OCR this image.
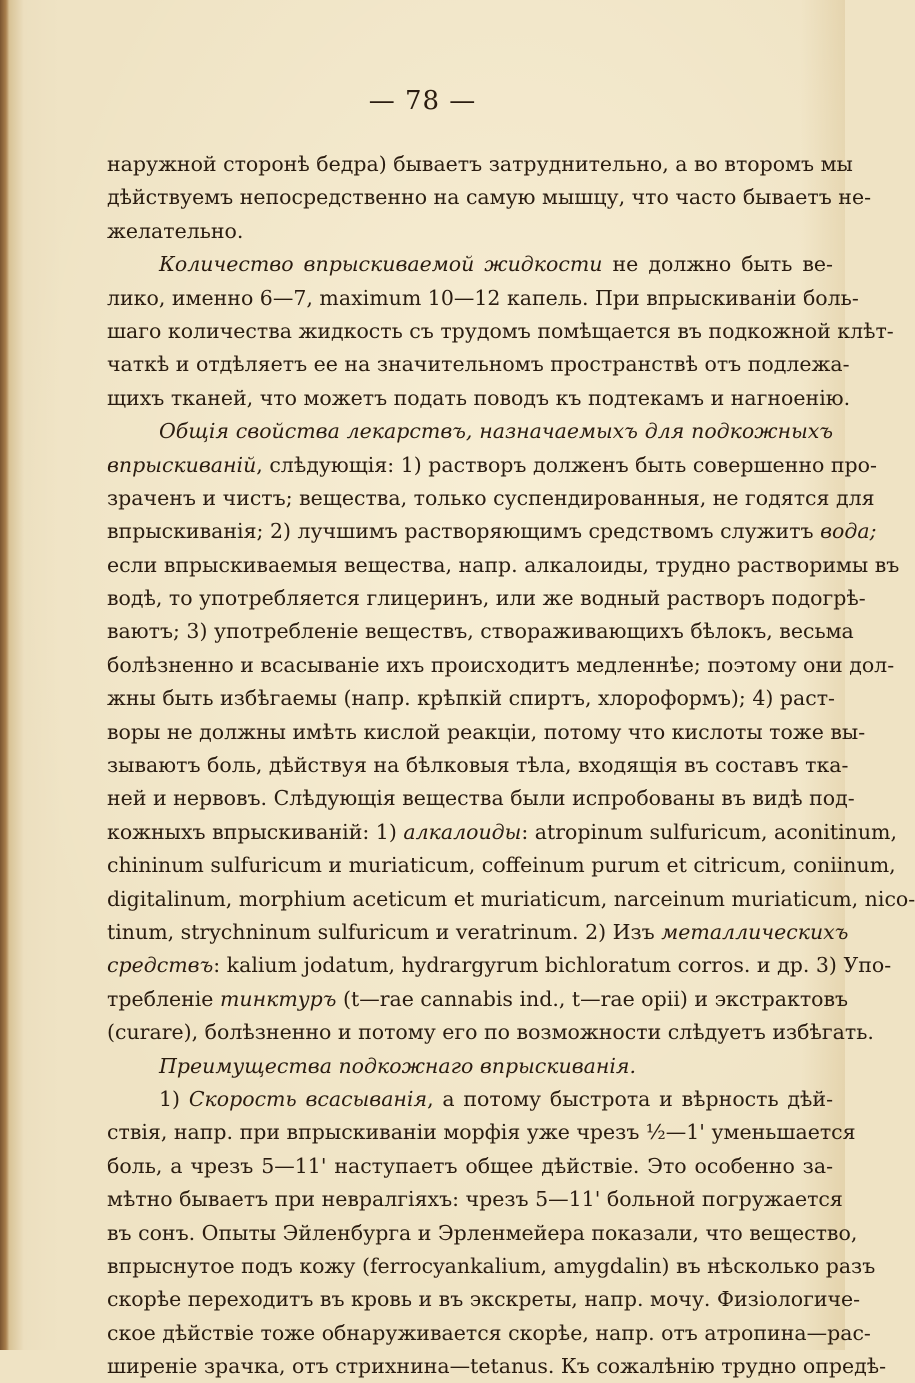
— 78 —
наружной сторонѣ бедра) бываетъ затруднительно, а во второмъ мы
дѣйствуемъ непосредственно на самую мышцу, что часто бываетъ не-
желательно.
Количество впрыскиваемой жидкости не должно быть ве-
лико, именно 6—7, maximum 10—12 капель. При впрыскиваніи боль-
шаго количества жидкость съ трудомъ помѣщается въ подкожной клѣт-
чаткѣ и отдѣляетъ ее на значительномъ пространствѣ отъ подлежа-
щихъ тканей, что можетъ подать поводъ къ подтекамъ и нагноенію.
Общія свойства лекарствъ, назначаемыхъ для подкожныхъ
впрыскиваній, слѣдующія: 1) растворъ долженъ быть совершенно про-
зраченъ и чистъ; вещества, только суспендированныя, не годятся для
впрыскиванія; 2) лучшимъ растворяющимъ средствомъ служитъ вода;
если впрыскиваемыя вещества, напр. алкалоиды, трудно растворимы въ
водѣ, то употребляется глицеринъ, или же водный растворъ подогрѣ-
ваютъ; 3) употребленіе веществъ, створаживающихъ бѣлокъ, весьма
болѣзненно и всасываніе ихъ происходитъ медленнѣе; поэтому они дол-
жны быть избѣгаемы (напр. крѣпкій спиртъ, хлороформъ); 4) раст-
воры не должны имѣть кислой реакціи, потому что кислоты тоже вы-
зываютъ боль, дѣйствуя на бѣлковыя тѣла, входящія въ составъ тка-
ней и нервовъ. Слѣдующія вещества были испробованы въ видѣ под-
кожныхъ впрыскиваній: 1) алкалоиды: atropinum sulfuricum, aconitinum,
chininum sulfuricum и muriaticum, coffeinum purum et citricum, coniinum,
digitalinum, morphium aceticum et muriaticum, narceinum muriaticum, nico-
tinum, strychninum sulfuricum и veratrinum. 2) Изъ металлическихъ
средствъ: kalium jodatum, hydrargyrum bichloratum corros. и др. 3) Упо-
требленіе тинктуръ (t—rae cannabis ind., t—rae opii) и экстрактовъ
(curare), болѣзненно и потому его по возможности слѣдуетъ избѣгать.
Преимущества подкожнаго впрыскиванія.
1) Скорость всасыванія, а потому быстрота и вѣрность дѣй-
ствія, напр. при впрыскиваніи морфія уже чрезъ ½—1' уменьшается
боль, а чрезъ 5—11' наступаетъ общее дѣйствіе. Это особенно за-
мѣтно бываетъ при невралгіяхъ: чрезъ 5—11' больной погружается
въ сонъ. Опыты Эйленбурга и Эрленмейера показали, что вещество,
впрыснутое подъ кожу (ferrocyankalium, amygdalin) въ нѣсколько разъ
скорѣе переходитъ въ кровь и въ экскреты, напр. мочу. Физіологиче-
ское дѣйствіе тоже обнаруживается скорѣе, напр. отъ атропина—рас-
ширеніе зрачка, отъ стрихнина—tetanus. Къ сожалѣнію трудно опредѣ-
